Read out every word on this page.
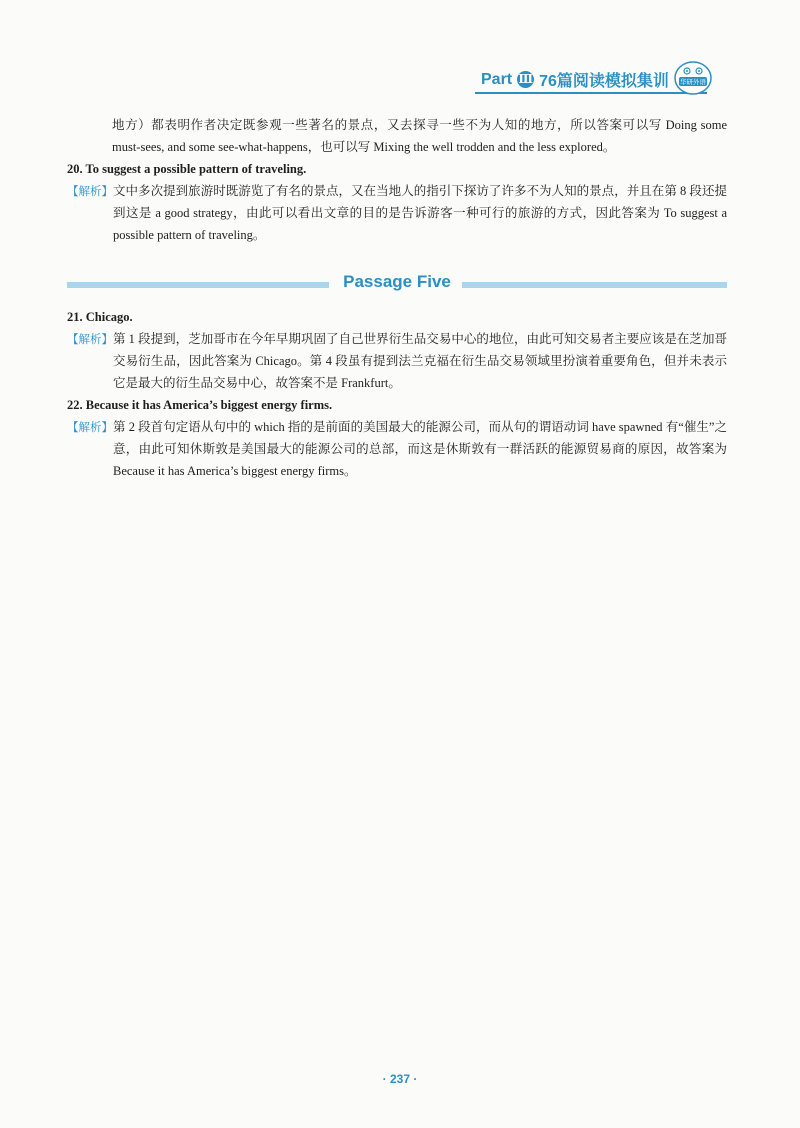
Part Ⅲ 76篇阅读模拟集训 华研外语

地方）都表明作者决定既参观一些著名的景点，又去探寻一些不为人知的地方，所以答案可以写 Doing some must-sees, and some see-what-happens，也可以写 Mixing the well trodden and the less explored。

20. To suggest a possible pattern of traveling.

【解析】 文中多次提到旅游时既游览了有名的景点，又在当地人的指引下探访了许多不为人知的景点，并且在第 8 段还提到这是 a good strategy，由此可以看出文章的目的是告诉游客一种可行的旅游的方式，因此答案为 To suggest a possible pattern of traveling。
Passage Five

21. Chicago.

【解析】 第 1 段提到，芝加哥市在今年早期巩固了自己世界衍生品交易中心的地位，由此可知交易者主要应该是在芝加哥交易衍生品，因此答案为 Chicago。第 4 段虽有提到法兰克福在衍生品交易领域里扮演着重要角色，但并未表示它是最大的衍生品交易中心，故答案不是 Frankfurt。

22. Because it has America’s biggest energy firms.

【解析】 第 2 段首句定语从句中的 which 指的是前面的美国最大的能源公司，而从句的谓语动词 have spawned 有“催生”之意，由此可知休斯敦是美国最大的能源公司的总部，而这是休斯敦有一群活跃的能源贸易商的原因，故答案为 Because it has America’s biggest energy firms。
· 237 ·
